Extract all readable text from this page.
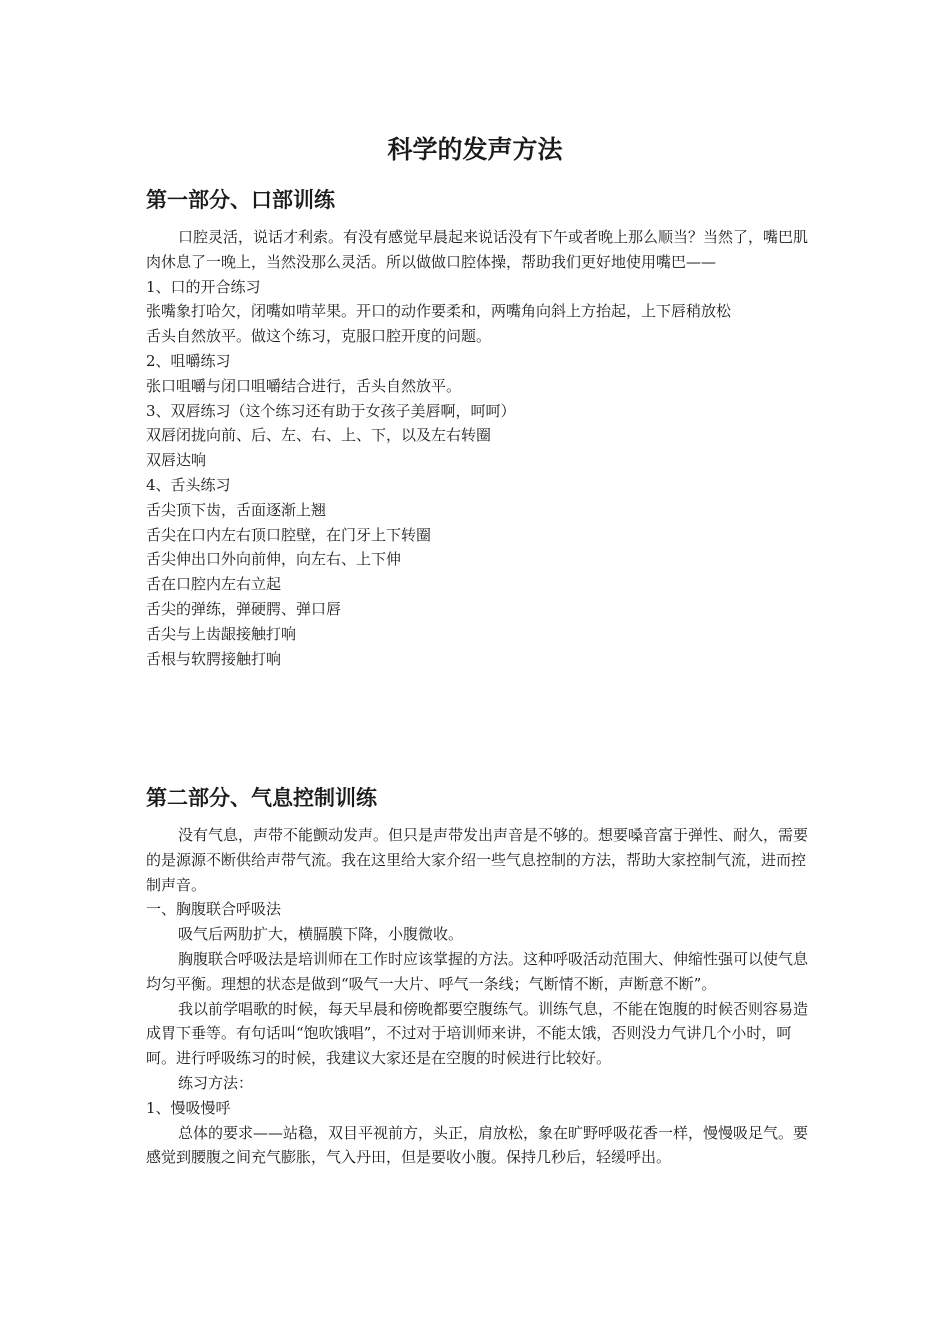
科学的发声方法
第一部分、口部训练

口腔灵活，说话才利索。有没有感觉早晨起来说话没有下午或者晚上那么顺当？当然了，嘴巴肌肉休息了一晚上，当然没那么灵活。所以做做口腔体操，帮助我们更好地使用嘴巴——

1、口的开合练习

张嘴象打哈欠，闭嘴如啃苹果。开口的动作要柔和，两嘴角向斜上方抬起，上下唇稍放松

舌头自然放平。做这个练习，克服口腔开度的问题。

2、咀嚼练习

张口咀嚼与闭口咀嚼结合进行，舌头自然放平。

3、双唇练习（这个练习还有助于女孩子美唇啊，呵呵）

双唇闭拢向前、后、左、右、上、下，以及左右转圈

双唇达响

4、舌头练习

舌尖顶下齿，舌面逐渐上翘

舌尖在口内左右顶口腔壁，在门牙上下转圈

舌尖伸出口外向前伸，向左右、上下伸

舌在口腔内左右立起

舌尖的弹练，弹硬腭、弹口唇

舌尖与上齿龈接触打响

舌根与软腭接触打响

第二部分、气息控制训练

没有气息，声带不能颤动发声。但只是声带发出声音是不够的。想要嗓音富于弹性、耐久，需要的是源源不断供给声带气流。我在这里给大家介绍一些气息控制的方法，帮助大家控制气流，进而控制声音。

一、胸腹联合呼吸法

吸气后两肋扩大，横膈膜下降，小腹微收。

胸腹联合呼吸法是培训师在工作时应该掌握的方法。这种呼吸活动范围大、伸缩性强可以使气息均匀平衡。理想的状态是做到“吸气一大片、呼气一条线；气断情不断，声断意不断”。

我以前学唱歌的时候，每天早晨和傍晚都要空腹练气。训练气息，不能在饱腹的时候否则容易造成胃下垂等。有句话叫“饱吹饿唱”，不过对于培训师来讲，不能太饿，否则没力气讲几个小时，呵呵。进行呼吸练习的时候，我建议大家还是在空腹的时候进行比较好。

练习方法：

1、慢吸慢呼

总体的要求——站稳，双目平视前方，头正，肩放松，象在旷野呼吸花香一样，慢慢吸足气。要感觉到腰腹之间充气膨胀，气入丹田，但是要收小腹。保持几秒后，轻缓呼出。
